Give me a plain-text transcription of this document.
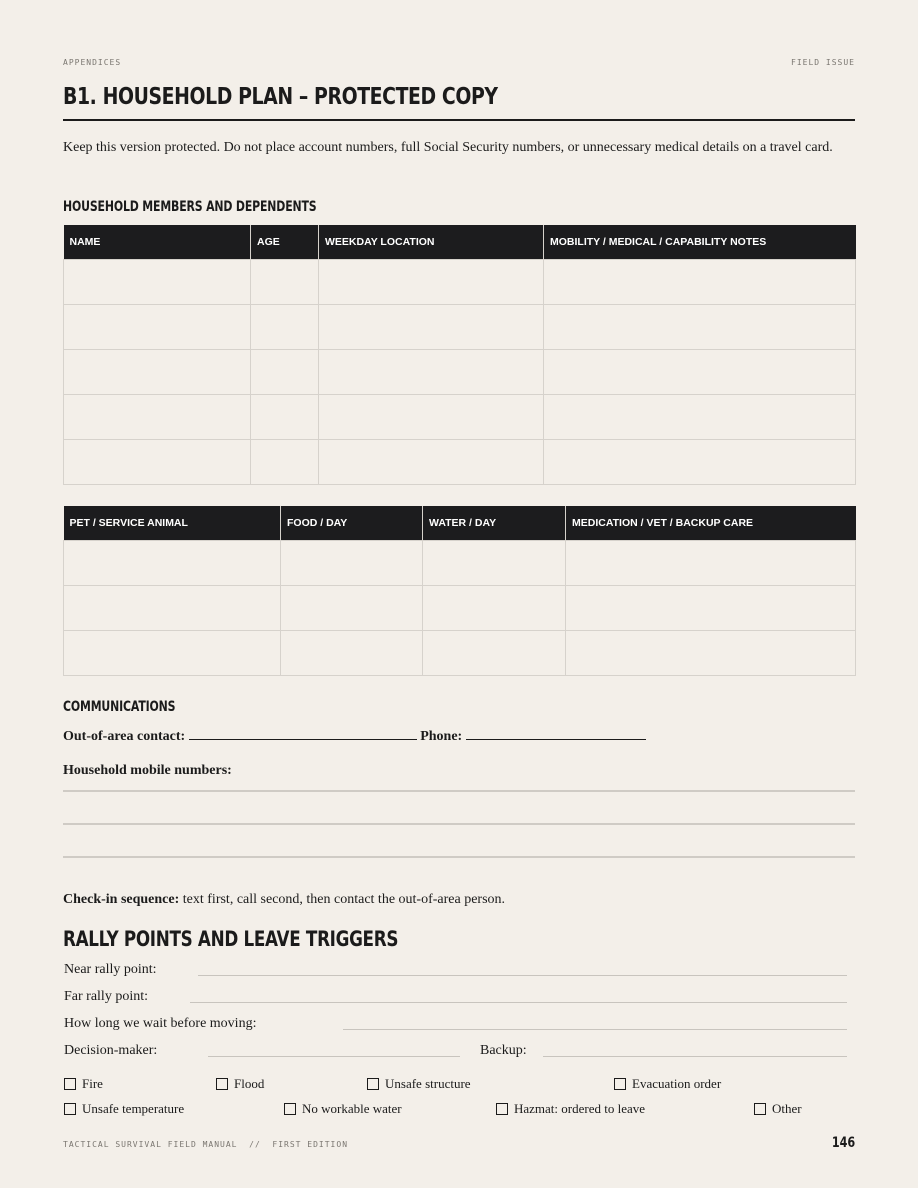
APPENDICES	FIELD ISSUE
B1. HOUSEHOLD PLAN – PROTECTED COPY

Keep this version protected. Do not place account numbers, full Social Security numbers, or unnecessary medical details on a travel card.

HOUSEHOLD MEMBERS AND DEPENDENTS
NAME	AGE	WEEKDAY LOCATION	MOBILITY / MEDICAL / CAPABILITY NOTES

PET / SERVICE ANIMAL	FOOD / DAY	WATER / DAY	MEDICATION / VET / BACKUP CARE

COMMUNICATIONS
Out-of-area contact:	Phone:
Household mobile numbers:
Check-in sequence: text first, call second, then contact the out-of-area person.
RALLY POINTS AND LEAVE TRIGGERS
Near rally point:
Far rally point:
How long we wait before moving:
Decision-maker:	Backup:
Fire	Flood	Unsafe structure	Evacuation order
Unsafe temperature	No workable water	Hazmat: ordered to leave	Other
TACTICAL SURVIVAL FIELD MANUAL  //  FIRST EDITION	146
